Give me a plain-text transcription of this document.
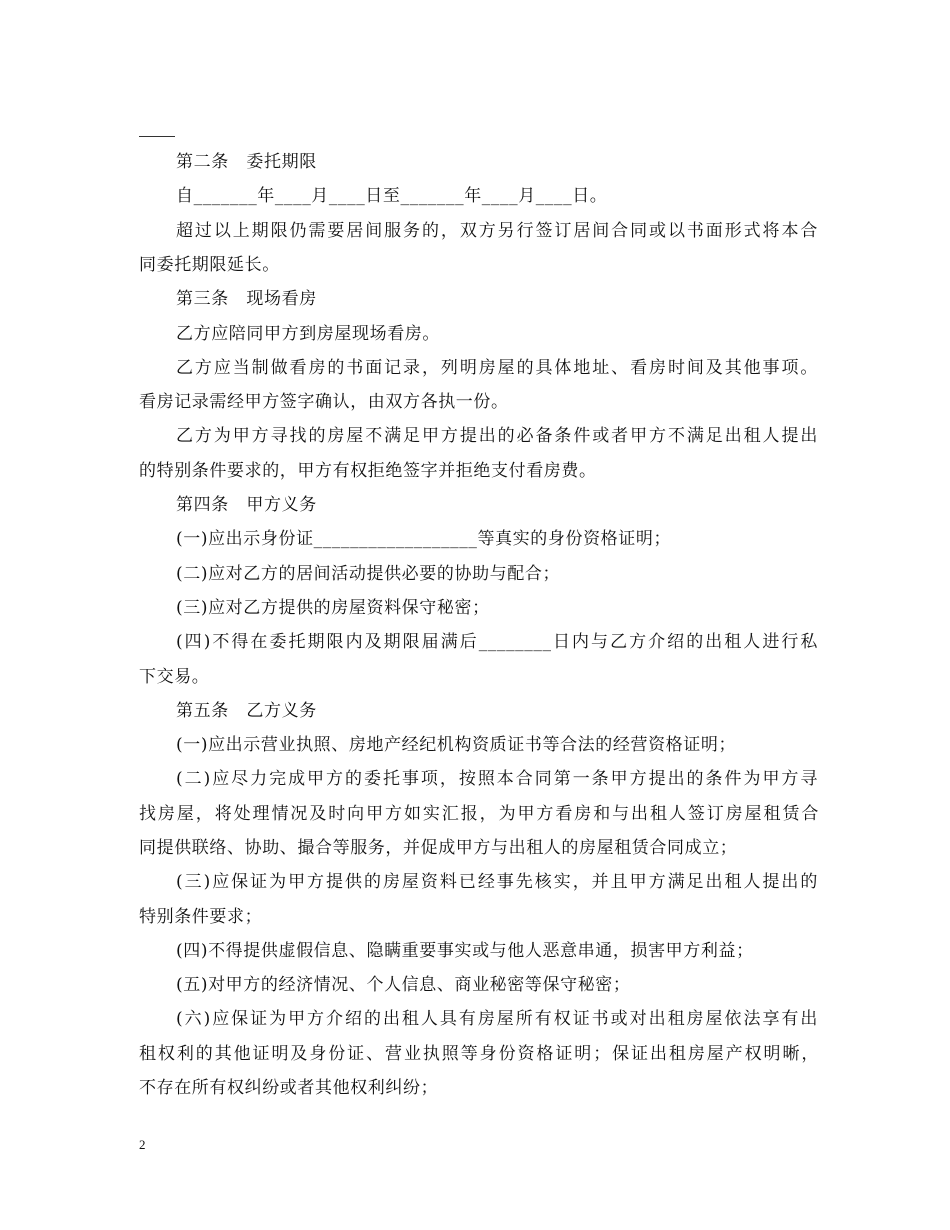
第二条　委托期限
自_______年____月____日至_______年____月____日。
超过以上期限仍需要居间服务的，双方另行签订居间合同或以书面形式将本合
同委托期限延长。
第三条　现场看房
乙方应陪同甲方到房屋现场看房。
乙方应当制做看房的书面记录，列明房屋的具体地址、看房时间及其他事项。
看房记录需经甲方签字确认，由双方各执一份。
乙方为甲方寻找的房屋不满足甲方提出的必备条件或者甲方不满足出租人提出
的特别条件要求的，甲方有权拒绝签字并拒绝支付看房费。
第四条　甲方义务
(一)应出示身份证__________________等真实的身份资格证明；
(二)应对乙方的居间活动提供必要的协助与配合；
(三)应对乙方提供的房屋资料保守秘密；
(四)不得在委托期限内及期限届满后________日内与乙方介绍的出租人进行私
下交易。
第五条　乙方义务
(一)应出示营业执照、房地产经纪机构资质证书等合法的经营资格证明；
(二)应尽力完成甲方的委托事项，按照本合同第一条甲方提出的条件为甲方寻
找房屋，将处理情况及时向甲方如实汇报，为甲方看房和与出租人签订房屋租赁合
同提供联络、协助、撮合等服务，并促成甲方与出租人的房屋租赁合同成立；
(三)应保证为甲方提供的房屋资料已经事先核实，并且甲方满足出租人提出的
特别条件要求；
(四)不得提供虚假信息、隐瞒重要事实或与他人恶意串通，损害甲方利益；
(五)对甲方的经济情况、个人信息、商业秘密等保守秘密；
(六)应保证为甲方介绍的出租人具有房屋所有权证书或对出租房屋依法享有出
租权利的其他证明及身份证、营业执照等身份资格证明；保证出租房屋产权明晰，
不存在所有权纠纷或者其他权利纠纷；
2
